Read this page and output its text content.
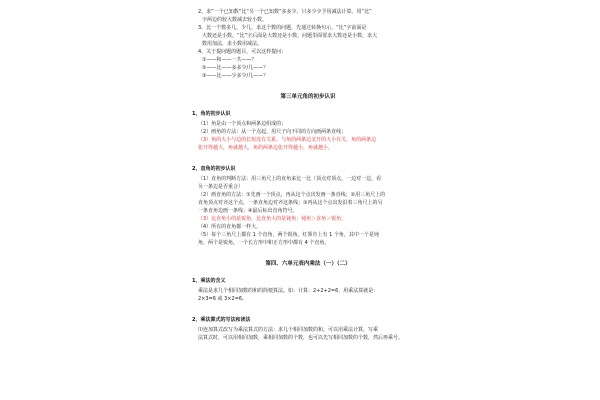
2、求“一个已知数”比“另一个已知数”多多少、只多少少予用减法计算。用“比”

字两边的较大数减去较小数。

3、比一个数多几，少几，求这个数的问题，先通过转换句示，“比”字前面是

大数还是小数。“比”字后面是大数还是小数，问题里面要求大数还是小数，求大

数用加法，求小数用减法。

4、关于提问题的题目，可以这样提问：

①——和——一共——？

②——比——多多少/几——？

③——比——少多少/几——？

第三单元角的初步认识
1、角的初步认识

（1）角是由一个顶点和两条边组成的；

（2）画角的方法：从一个点起，用尺子向不同的方向画两条直线；

（3）角的大小与边的长短没有关系，与角的两条边叉开的大小有关，角的两条边

张开得越大，角就越大，角的两条边张开得越小，角就越小。

2、直角的初步认识

（1）直角的判断方法：用三角尺上的直角来比一比（顶点对顶点，一边对一边，看

另一条边是否重合）

（2）画直角的方法：①先画一个顶点，再从这个点出发画一条直线；②用三角尺上的

直角顶点对齐这个点，一条直角边对齐这条线；③再从这个点出发沿着三角尺上的另

一条直角边画一条线；④最后标出直角符号。

（3）比直角小的是锐角，比直角大的是钝角：钝角＞直角＞锐角。

（4）所有的直角都一样大。

（5）每个三角尺上都有 1 个直角，两个锐角。红领巾上有 1 个角，其中一个是钝

角，两个是锐角。一个长方形中和正方形中都有 4 个直角。

第四、六单元表内乘法（一）（二）
1、乘法的含义

乘法是求几个相同加数的和的简便算法。如：计算：2+2+2=6，用乘法算就是：

2×3=6 或 3×2=6。

2、乘法算式的写法和读法

⑴连加算式改写为乘法算式的方法：求几个相同加数的和，可以用乘法计算，写乘

法算式时，可以用相同加数，乘相同加数的个数，也可以先写相同加数的个数，然后再乘号。
